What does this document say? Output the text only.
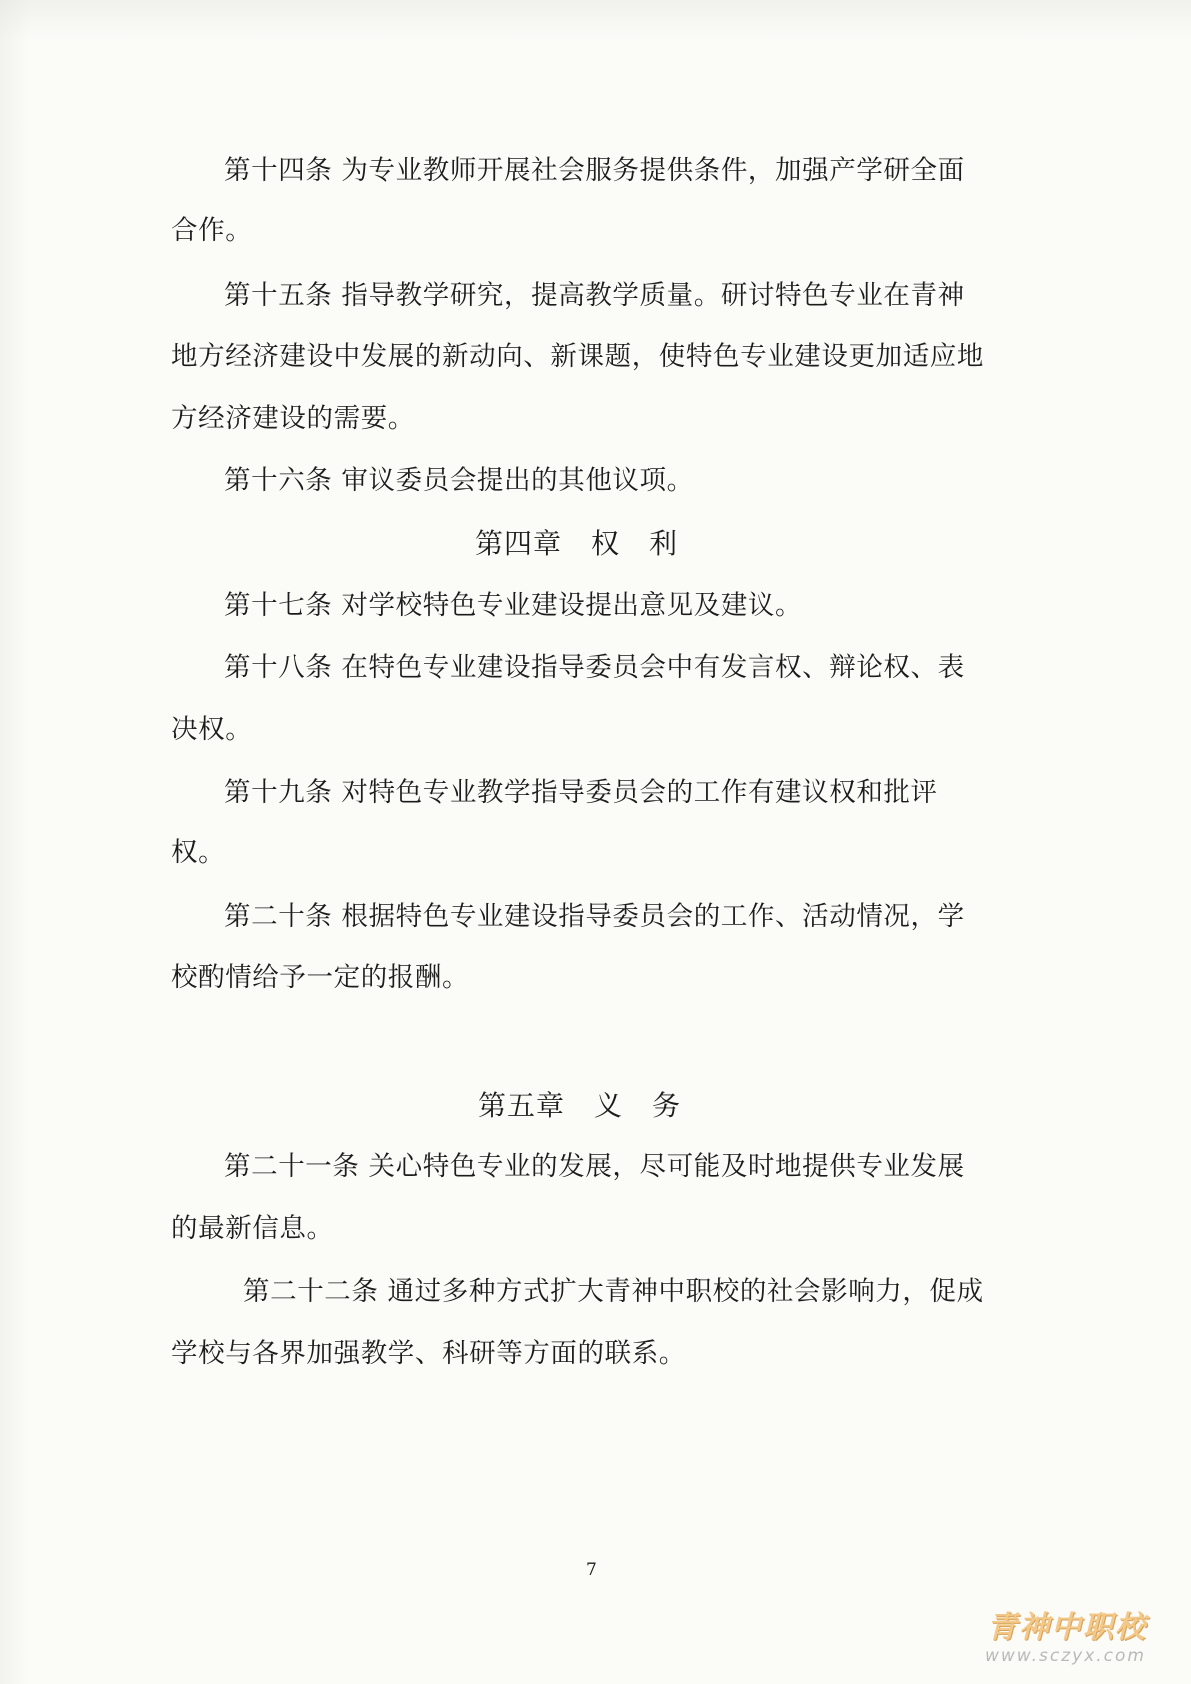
第十四条 为专业教师开展社会服务提供条件，加强产学研全面
合作。
第十五条 指导教学研究，提高教学质量。研讨特色专业在青神
地方经济建设中发展的新动向、新课题，使特色专业建设更加适应地
方经济建设的需要。
第十六条 审议委员会提出的其他议项。
第四章　权　利
第十七条 对学校特色专业建设提出意见及建议。
第十八条 在特色专业建设指导委员会中有发言权、辩论权、表
决权。
第十九条 对特色专业教学指导委员会的工作有建议权和批评
权。
第二十条 根据特色专业建设指导委员会的工作、活动情况，学
校酌情给予一定的报酬。
第五章　义　务
第二十一条 关心特色专业的发展，尽可能及时地提供专业发展
的最新信息。
第二十二条 通过多种方式扩大青神中职校的社会影响力，促成
学校与各界加强教学、科研等方面的联系。
7
青神中职校
www.sczyx.com
